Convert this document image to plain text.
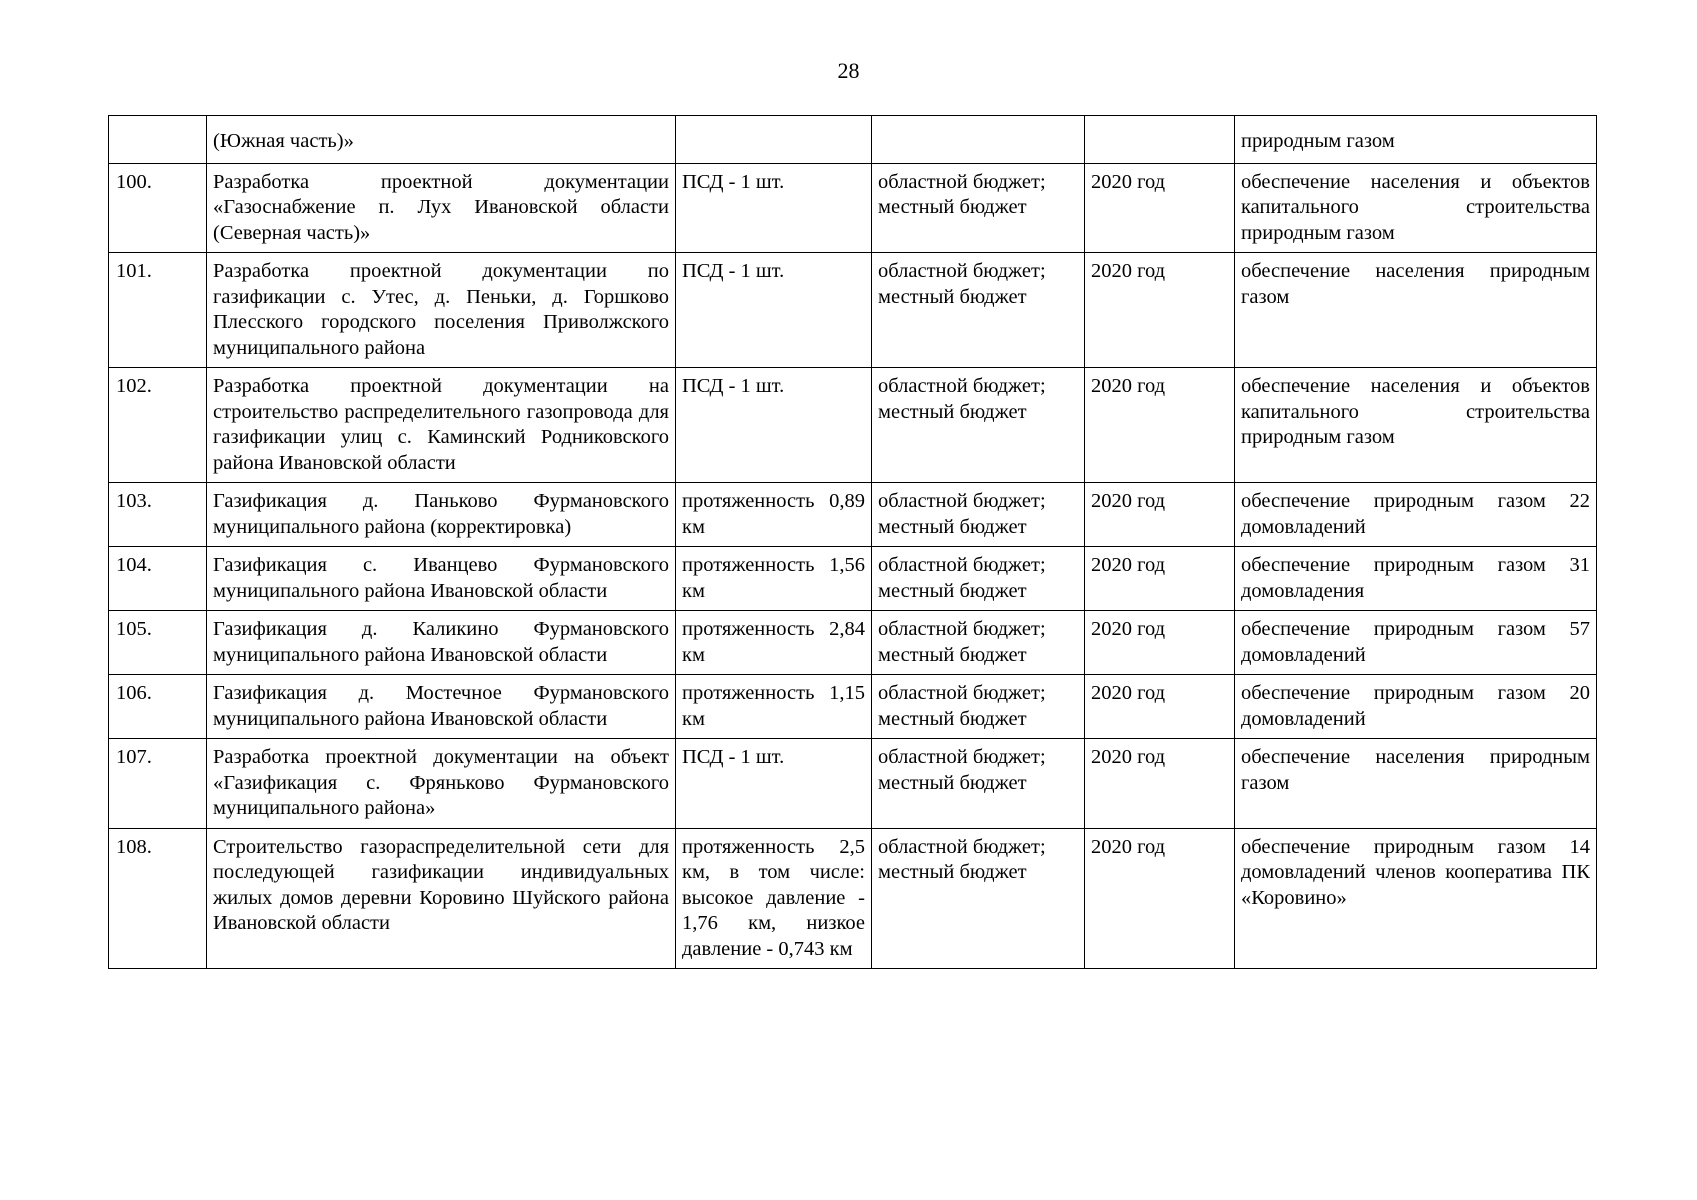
28
	(Южная часть)»				природным газом
100.	Разработка проектной документации «Газоснабжение п. Лух Ивановской области (Северная часть)»	ПСД - 1 шт.	областной бюджет; местный бюджет	2020 год	обеспечение населения и объектов капитального строительства природным газом
101.	Разработка проектной документации по газификации с. Утес, д. Пеньки, д. Горшково Плесского городского поселения Приволжского муниципального района	ПСД - 1 шт.	областной бюджет; местный бюджет	2020 год	обеспечение населения природным газом
102.	Разработка проектной документации на строительство распределительного газопровода для газификации улиц с. Каминский Родниковского района Ивановской области	ПСД - 1 шт.	областной бюджет; местный бюджет	2020 год	обеспечение населения и объектов капитального строительства природным газом
103.	Газификация д. Паньково Фурмановского муниципального района (корректировка)	протяженность 0,89 км	областной бюджет; местный бюджет	2020 год	обеспечение природным газом 22 домовладений
104.	Газификация с. Иванцево Фурмановского муниципального района Ивановской области	протяженность 1,56 км	областной бюджет; местный бюджет	2020 год	обеспечение природным газом 31 домовладения
105.	Газификация д. Каликино Фурмановского муниципального района Ивановской области	протяженность 2,84 км	областной бюджет; местный бюджет	2020 год	обеспечение природным газом 57 домовладений
106.	Газификация д. Мостечное Фурмановского муниципального района Ивановской области	протяженность 1,15 км	областной бюджет; местный бюджет	2020 год	обеспечение природным газом 20 домовладений
107.	Разработка проектной документации на объект «Газификация с. Фряньково Фурмановского муниципального района»	ПСД - 1 шт.	областной бюджет; местный бюджет	2020 год	обеспечение населения природным газом
108.	Строительство газораспределительной сети для последующей газификации индивидуальных жилых домов деревни Коровино Шуйского района Ивановской области	протяженность 2,5 км, в том числе: высокое давление - 1,76 км, низкое давление - 0,743 км	областной бюджет; местный бюджет	2020 год	обеспечение природным газом 14 домовладений членов кооператива ПК «Коровино»
